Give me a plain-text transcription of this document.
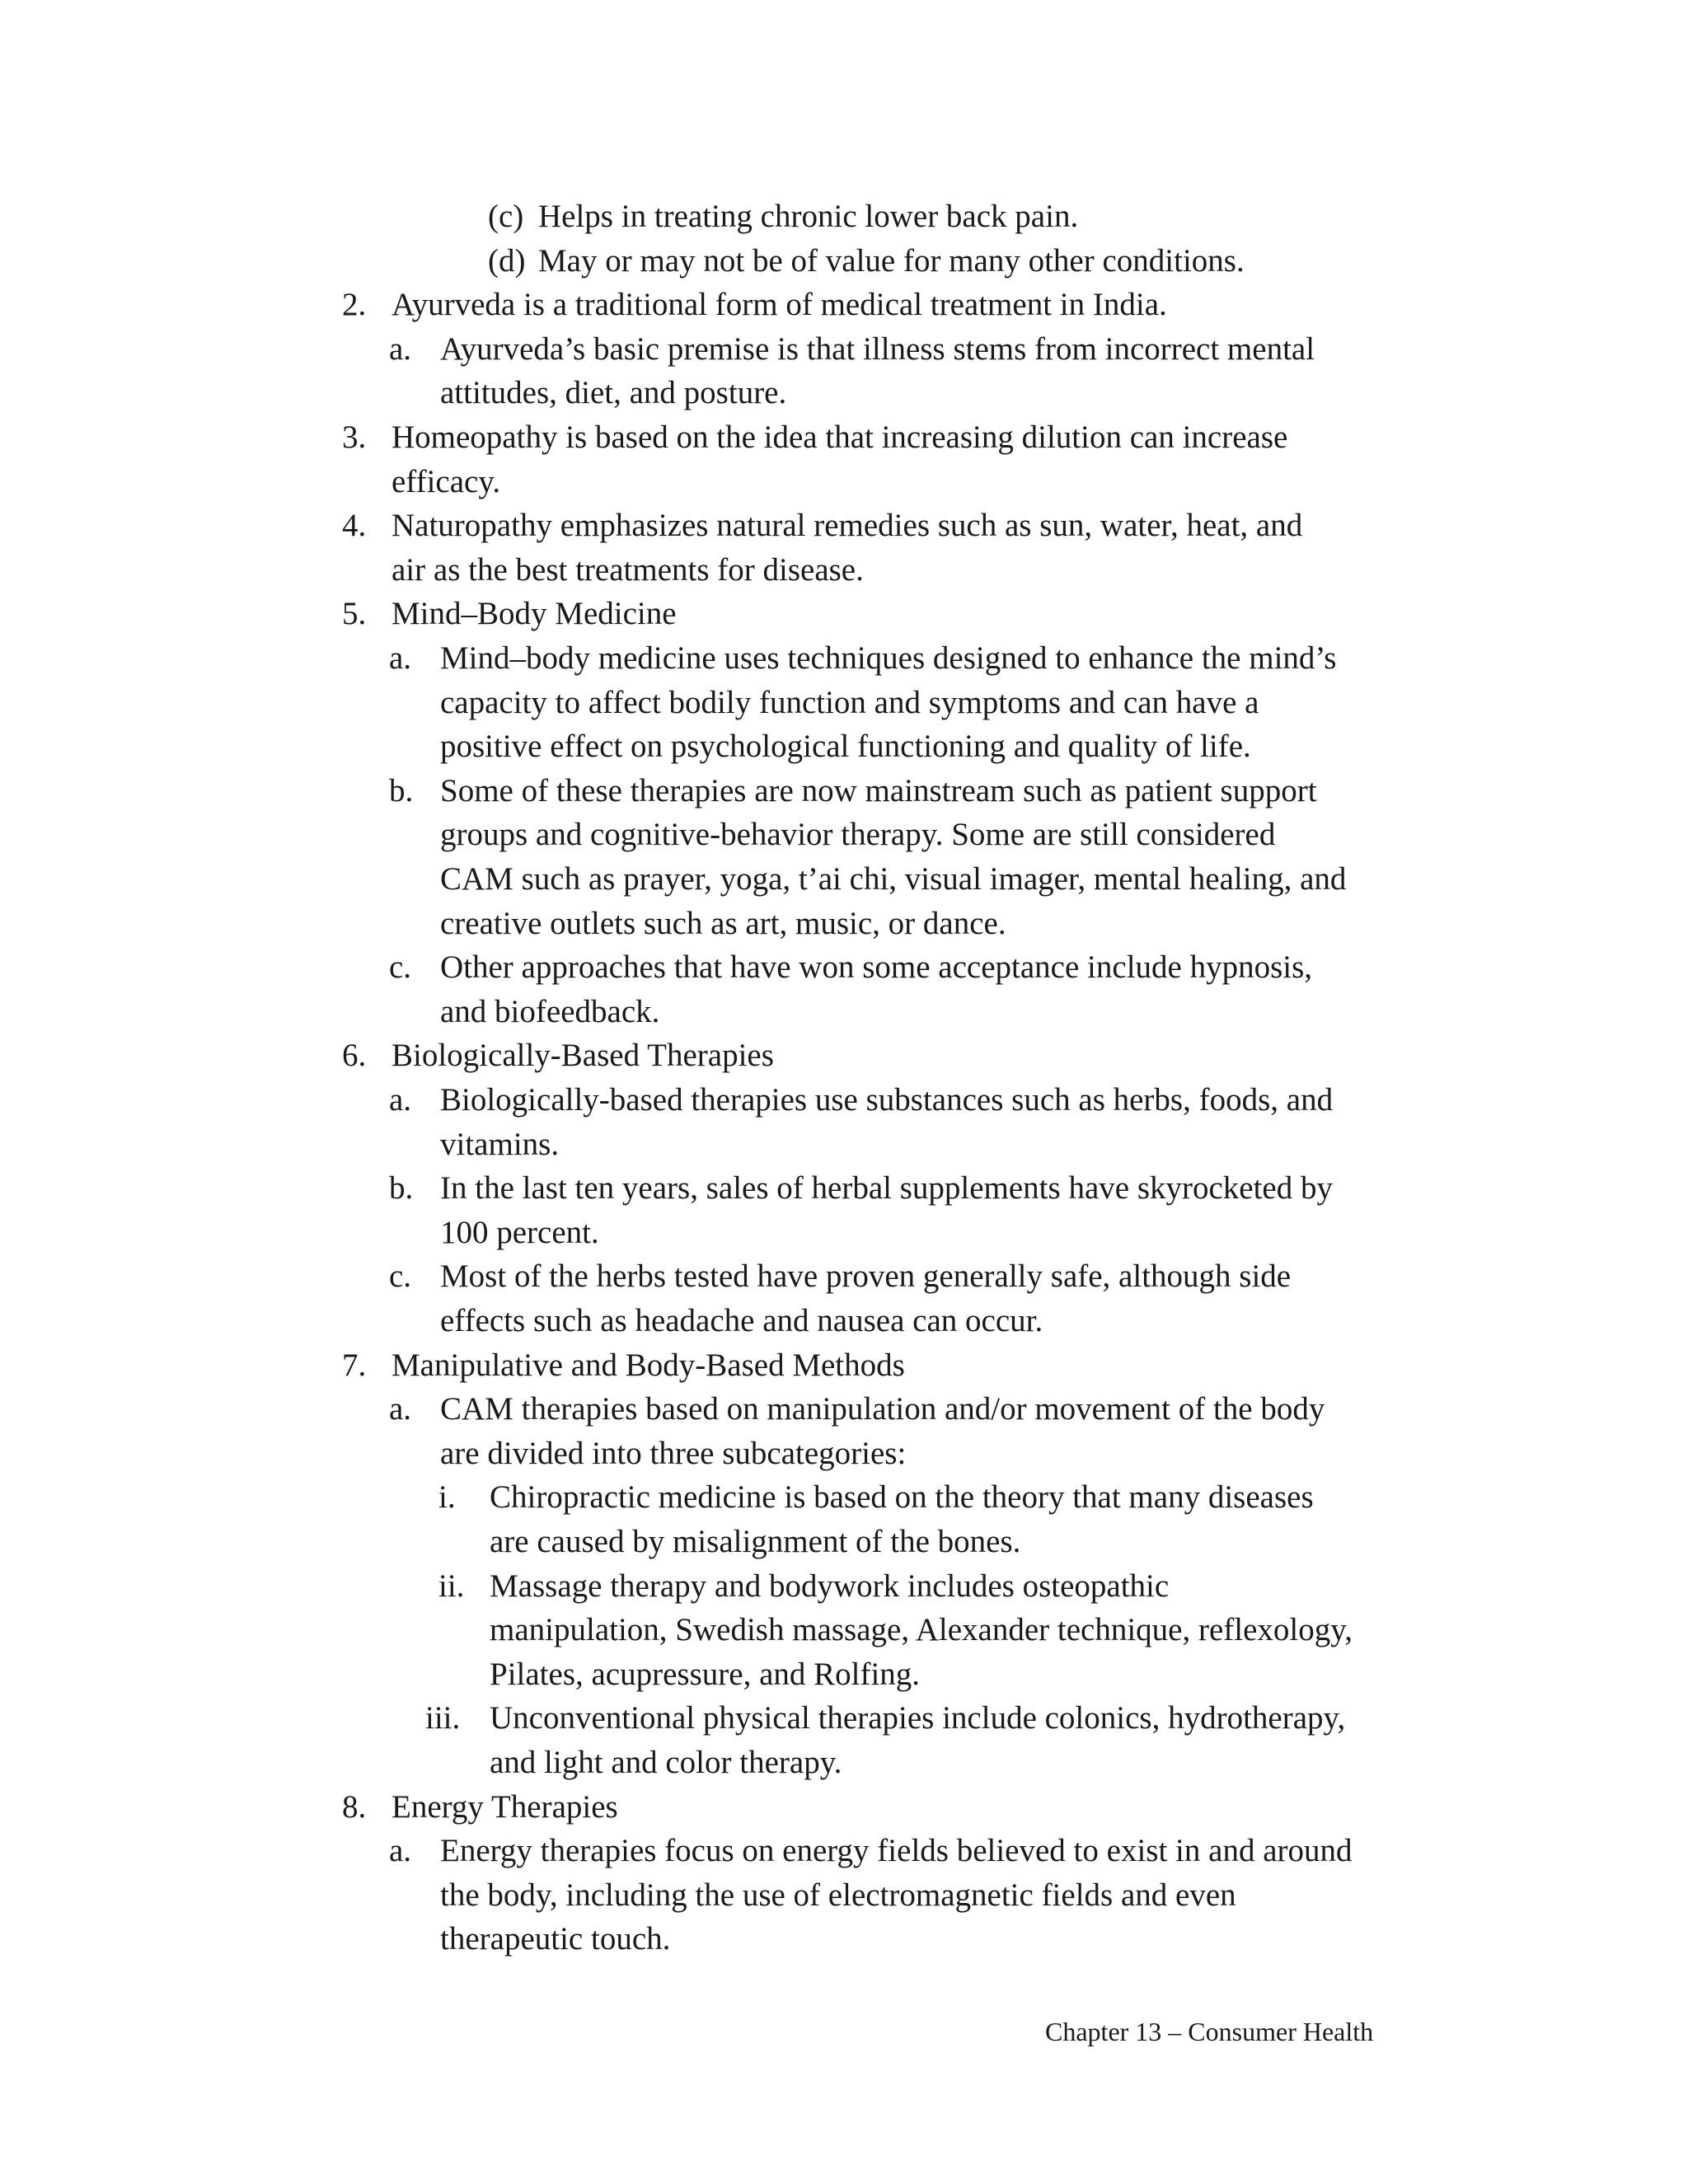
(c) Helps in treating chronic lower back pain.
(d) May or may not be of value for many other conditions.
2. Ayurveda is a traditional form of medical treatment in India.
a. Ayurveda’s basic premise is that illness stems from incorrect mental
attitudes, diet, and posture.
3. Homeopathy is based on the idea that increasing dilution can increase
efficacy.
4. Naturopathy emphasizes natural remedies such as sun, water, heat, and
air as the best treatments for disease.
5. Mind–Body Medicine
a. Mind–body medicine uses techniques designed to enhance the mind’s
capacity to affect bodily function and symptoms and can have a
positive effect on psychological functioning and quality of life.
b. Some of these therapies are now mainstream such as patient support
groups and cognitive-behavior therapy. Some are still considered
CAM such as prayer, yoga, t’ai chi, visual imager, mental healing, and
creative outlets such as art, music, or dance.
c. Other approaches that have won some acceptance include hypnosis,
and biofeedback.
6. Biologically-Based Therapies
a. Biologically-based therapies use substances such as herbs, foods, and
vitamins.
b. In the last ten years, sales of herbal supplements have skyrocketed by
100 percent.
c. Most of the herbs tested have proven generally safe, although side
effects such as headache and nausea can occur.
7. Manipulative and Body-Based Methods
a. CAM therapies based on manipulation and/or movement of the body
are divided into three subcategories:
i. Chiropractic medicine is based on the theory that many diseases
are caused by misalignment of the bones.
ii. Massage therapy and bodywork includes osteopathic
manipulation, Swedish massage, Alexander technique, reflexology,
Pilates, acupressure, and Rolfing.
iii. Unconventional physical therapies include colonics, hydrotherapy,
and light and color therapy.
8. Energy Therapies
a. Energy therapies focus on energy fields believed to exist in and around
the body, including the use of electromagnetic fields and even
therapeutic touch.
Chapter 13 – Consumer Health
